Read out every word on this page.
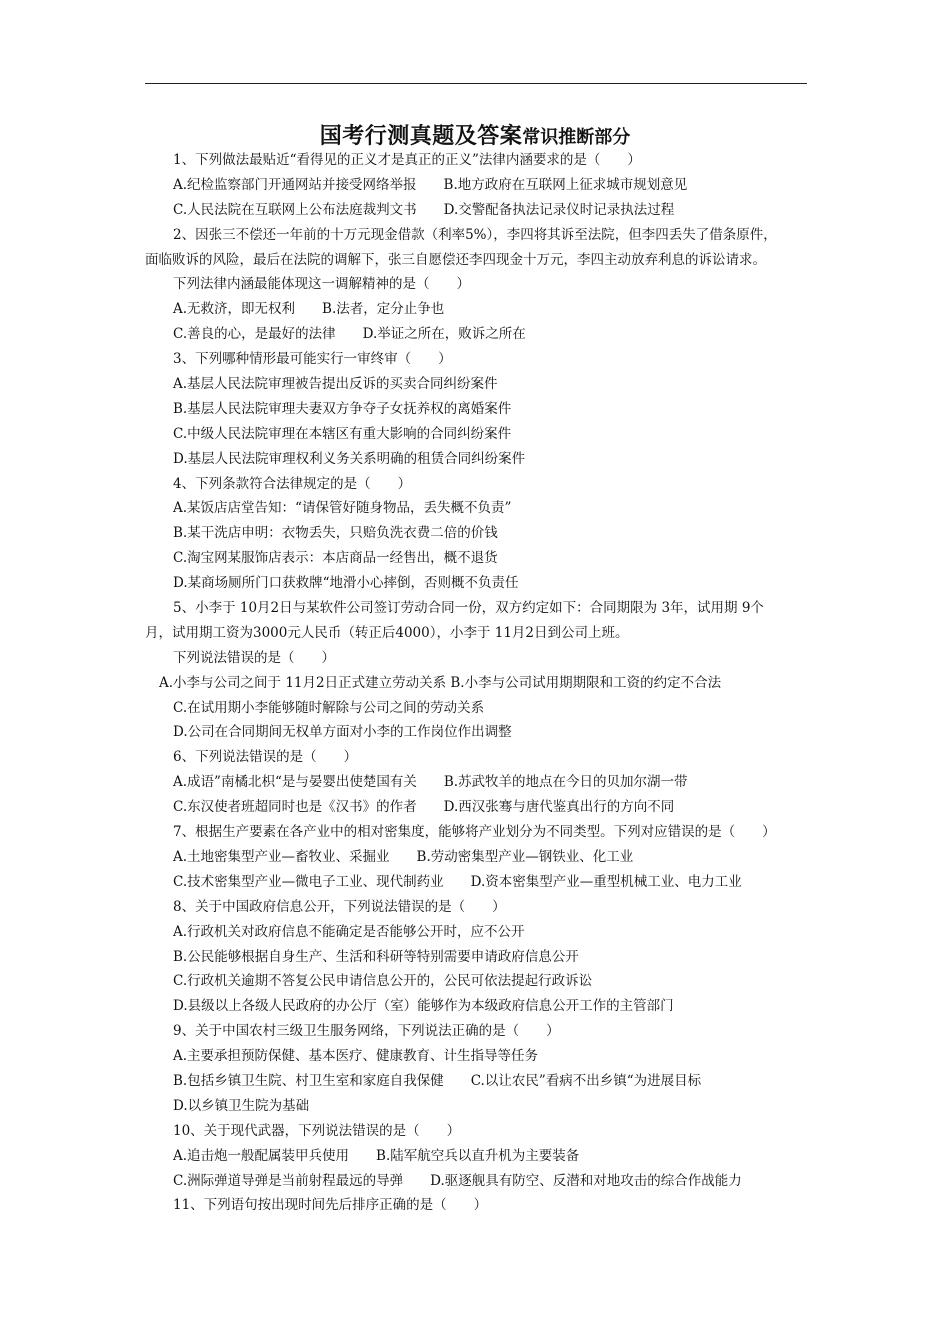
国考行测真题及答案常识推断部分
1、下列做法最贴近“看得见的正义才是真正的正义”法律内涵要求的是（　　）
A.纪检监察部门开通网站并接受网络举报　　B.地方政府在互联网上征求城市规划意见
C.人民法院在互联网上公布法庭裁判文书　　D.交警配备执法记录仪时记录执法过程
2、因张三不偿还一年前的十万元现金借款（利率5%），李四将其诉至法院，但李四丢失了借条原件，
面临败诉的风险，最后在法院的调解下，张三自愿偿还李四现金十万元，李四主动放弃利息的诉讼请求。
下列法律内涵最能体现这一调解精神的是（　　）
A.无救济，即无权利　　B.法者，定分止争也
C.善良的心，是最好的法律　　D.举证之所在，败诉之所在
3、下列哪种情形最可能实行一审终审（　　）
A.基层人民法院审理被告提出反诉的买卖合同纠纷案件
B.基层人民法院审理夫妻双方争夺子女抚养权的离婚案件
C.中级人民法院审理在本辖区有重大影响的合同纠纷案件
D.基层人民法院审理权利义务关系明确的租赁合同纠纷案件
4、下列条款符合法律规定的是（　　）
A.某饭店店堂告知：“请保管好随身物品，丢失概不负责”
B.某干洗店申明：衣物丢失，只赔负洗衣费二倍的价钱
C.淘宝网某服饰店表示：本店商品一经售出，概不退货
D.某商场厕所门口获救牌“地滑小心摔倒，否则概不负责任
5、小李于 10月2日与某软件公司签订劳动合同一份，双方约定如下：合同期限为 3年，试用期 9个
月，试用期工资为3000元人民币（转正后4000），小李于 11月2日到公司上班。
下列说法错误的是（　　）
A.小李与公司之间于 11月2日正式建立劳动关系 B.小李与公司试用期期限和工资的约定不合法
C.在试用期小李能够随时解除与公司之间的劳动关系
D.公司在合同期间无权单方面对小李的工作岗位作出调整
6、下列说法错误的是（　　）
A.成语”南橘北枳“是与晏婴出使楚国有关　　B.苏武牧羊的地点在今日的贝加尔湖一带
C.东汉使者班超同时也是《汉书》的作者　　D.西汉张骞与唐代鉴真出行的方向不同
7、根据生产要素在各产业中的相对密集度，能够将产业划分为不同类型。下列对应错误的是（　　）
A.土地密集型产业—畜牧业、采掘业　　B.劳动密集型产业—钢铁业、化工业
C.技术密集型产业—微电子工业、现代制药业　　D.资本密集型产业—重型机械工业、电力工业
8、关于中国政府信息公开，下列说法错误的是（　　）
A.行政机关对政府信息不能确定是否能够公开时，应不公开
B.公民能够根据自身生产、生活和科研等特别需要申请政府信息公开
C.行政机关逾期不答复公民申请信息公开的，公民可依法提起行政诉讼
D.县级以上各级人民政府的办公厅（室）能够作为本级政府信息公开工作的主管部门
9、关于中国农村三级卫生服务网络，下列说法正确的是（　　）
A.主要承担预防保健、基本医疗、健康教育、计生指导等任务
B.包括乡镇卫生院、村卫生室和家庭自我保健　　C.以让农民”看病不出乡镇“为进展目标
D.以乡镇卫生院为基础
10、关于现代武器，下列说法错误的是（　　）
A.追击炮一般配属装甲兵使用　　B.陆军航空兵以直升机为主要装备
C.洲际弹道导弹是当前射程最远的导弹　　D.驱逐舰具有防空、反潜和对地攻击的综合作战能力
11、下列语句按出现时间先后排序正确的是（　　）
